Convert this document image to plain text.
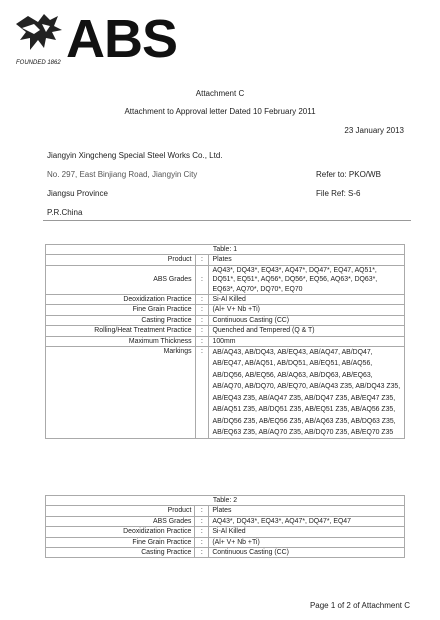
ABS
FOUNDED 1862
Attachment C
Attachment to Approval letter Dated 10 February 2011
23 January 2013
Jiangyin Xingcheng Special Steel Works Co., Ltd.
No. 297, East Binjiang Road, Jiangyin City	Refer to: PKO/WB
Jiangsu Province	File Ref: S-6
P.R.China
Table: 1		
Product	:	Plates
ABS Grades	:	AQ43*, DQ43*, EQ43*, AQ47*, DQ47*, EQ47, AQ51*, DQ51*, EQ51*, AQ56*, DQ56*, EQ56, AQ63*, DQ63*, EQ63*, AQ70*, DQ70*, EQ70
Deoxidization Practice	:	Si-Al Killed
Fine Grain Practice	:	(Al+ V+ Nb +Ti)
Casting Practice	:	Continuous Casting (CC)
Rolling/Heat Treatment Practice	:	Quenched and Tempered (Q & T)
Maximum Thickness	:	100mm
Markings	:	AB/AQ43, AB/DQ43, AB/EQ43, AB/AQ47, AB/DQ47, AB/EQ47, AB/AQ51, AB/DQ51, AB/EQ51, AB/AQ56, AB/DQ56, AB/EQ56, AB/AQ63, AB/DQ63, AB/EQ63, AB/AQ70, AB/DQ70, AB/EQ70, AB/AQ43 Z35, AB/DQ43 Z35, AB/EQ43 Z35, AB/AQ47 Z35, AB/DQ47 Z35, AB/EQ47 Z35, AB/AQ51 Z35, AB/DQ51 Z35, AB/EQ51 Z35, AB/AQ56 Z35, AB/DQ56 Z35, AB/EQ56 Z35, AB/AQ63 Z35, AB/DQ63 Z35, AB/EQ63 Z35, AB/AQ70 Z35, AB/DQ70 Z35, AB/EQ70 Z35
Table: 2		
Product	:	Plates
ABS Grades	:	AQ43*, DQ43*, EQ43*, AQ47*, DQ47*, EQ47
Deoxidization Practice	:	Si-Al Killed
Fine Grain Practice	:	(Al+ V+ Nb +Ti)
Casting Practice	:	Continuous Casting (CC)
Page 1 of 2 of Attachment C
